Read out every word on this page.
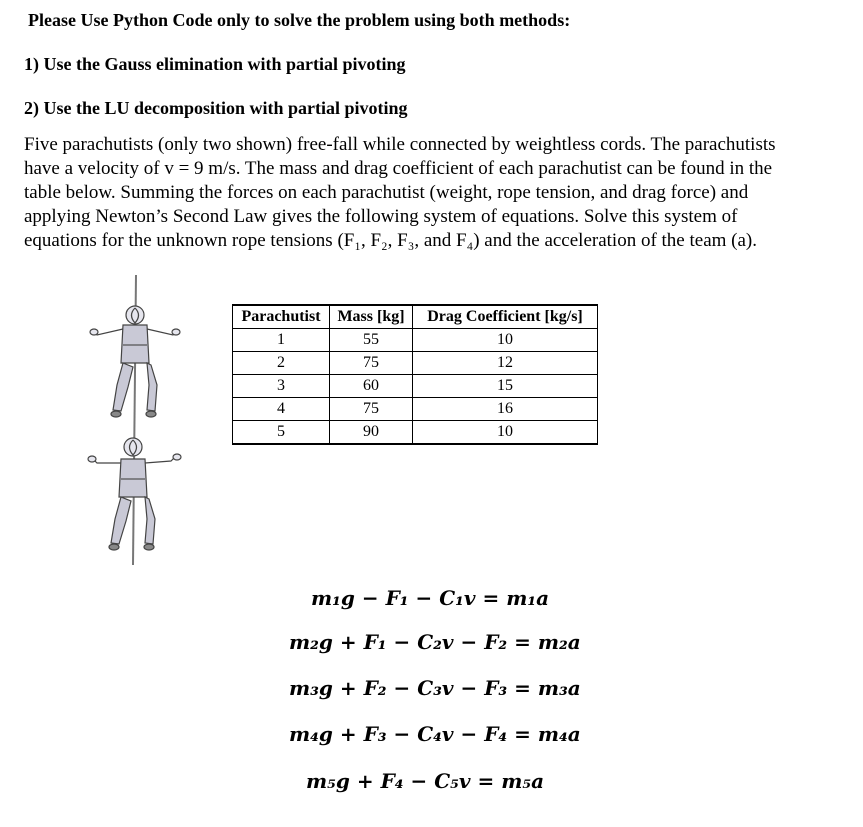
Please Use Python Code only to solve the problem using both methods:
1) Use the Gauss elimination with partial pivoting
2) Use the LU decomposition with partial pivoting

Five parachutists (only two shown) free-fall while connected by weightless cords. The parachutists
have a velocity of v = 9 m/s. The mass and drag coefficient of each parachutist can be found in the
table below. Summing the forces on each parachutist (weight, rope tension, and drag force) and
applying Newton’s Second Law gives the following system of equations. Solve this system of
equations for the unknown rope tensions (F₁, F₂, F₃, and F₄) and the acceleration of the team (a).

Parachutist	Mass [kg]	Drag Coefficient [kg/s]
1	55	10
2	75	12
3	60	15
4	75	16
5	90	10
m₁g − F₁ − C₁v = m₁a
m₂g + F₁ − C₂v − F₂ = m₂a
m₃g + F₂ − C₃v − F₃ = m₃a
m₄g + F₃ − C₄v − F₄ = m₄a
m₅g + F₄ − C₅v = m₅a
